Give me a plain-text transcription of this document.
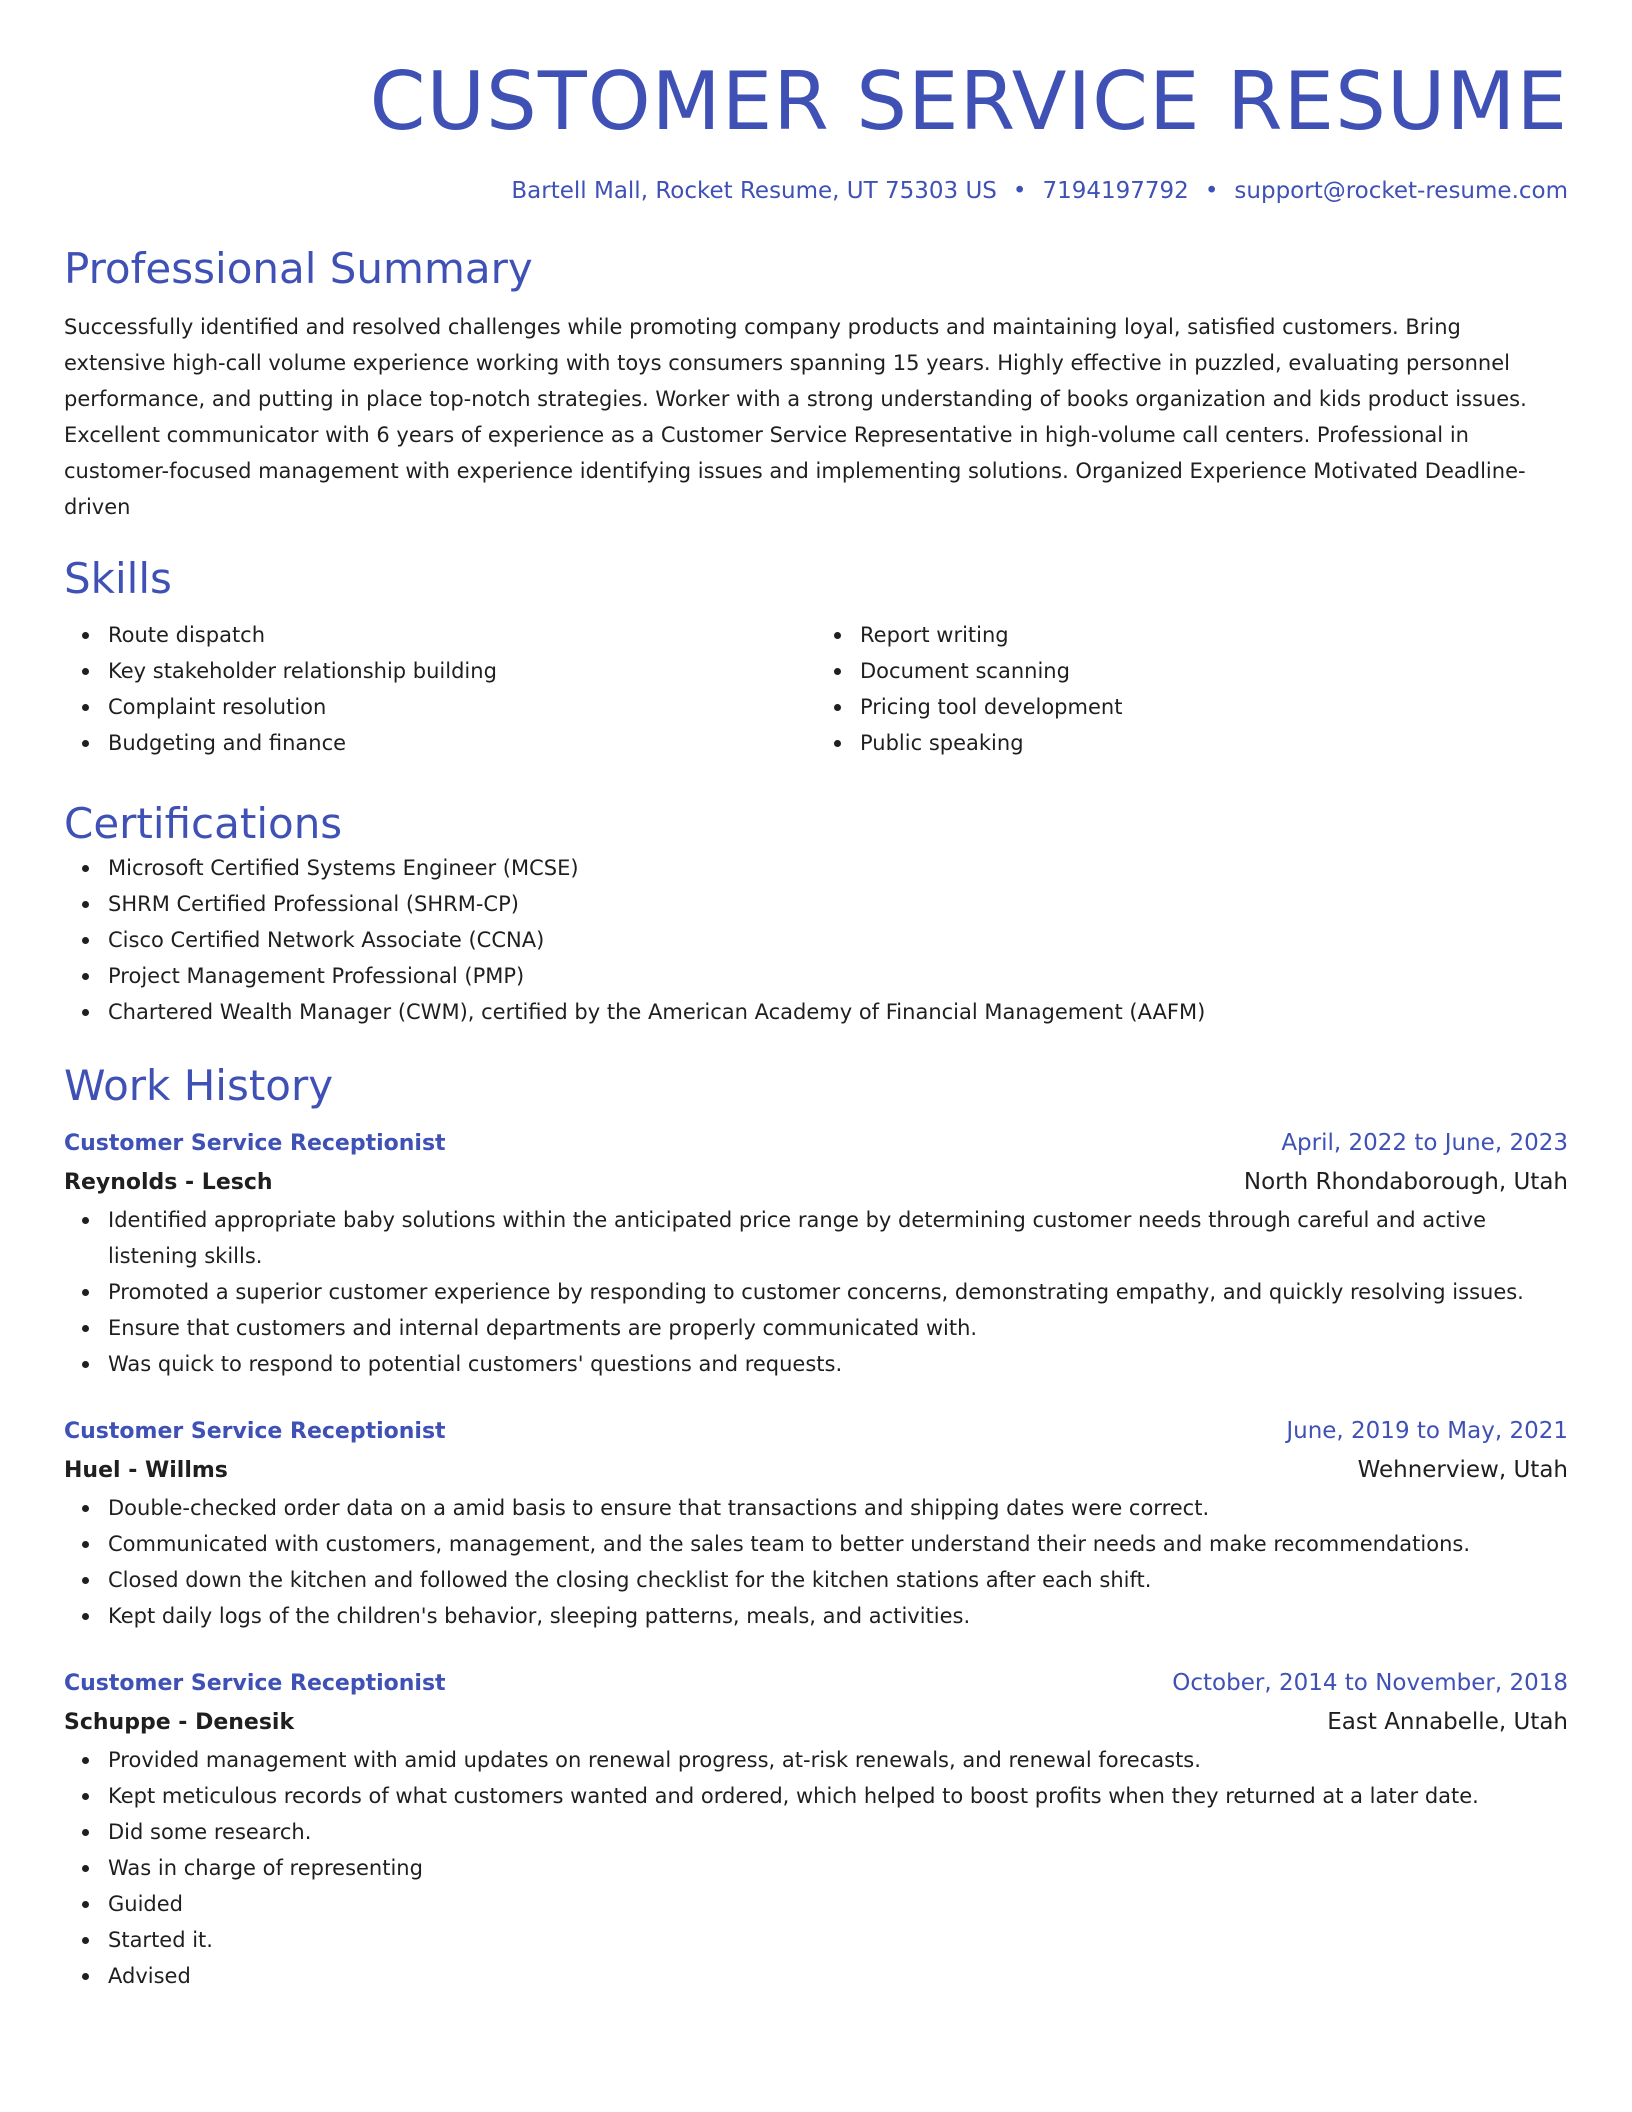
CUSTOMER SERVICE RESUME
Bartell Mall, Rocket Resume, UT 75303 US • 7194197792 • support@rocket-resume.com
Professional Summary
Successfully identified and resolved challenges while promoting company products and maintaining loyal, satisfied customers. Bring extensive high-call volume experience working with toys consumers spanning 15 years. Highly effective in puzzled, evaluating personnel performance, and putting in place top-notch strategies. Worker with a strong understanding of books organization and kids product issues. Excellent communicator with 6 years of experience as a Customer Service Representative in high-volume call centers. Professional in customer-focused management with experience identifying issues and implementing solutions. Organized Experience Motivated Deadline-driven
Skills
Route dispatch
Key stakeholder relationship building
Complaint resolution
Budgeting and finance
Report writing
Document scanning
Pricing tool development
Public speaking
Certifications
Microsoft Certified Systems Engineer (MCSE)
SHRM Certified Professional (SHRM-CP)
Cisco Certified Network Associate (CCNA)
Project Management Professional (PMP)
Chartered Wealth Manager (CWM), certified by the American Academy of Financial Management (AAFM)
Work History
Customer Service Receptionist	April, 2022 to June, 2023
Reynolds - Lesch	North Rhondaborough, Utah
Identified appropriate baby solutions within the anticipated price range by determining customer needs through careful and active listening skills.
Promoted a superior customer experience by responding to customer concerns, demonstrating empathy, and quickly resolving issues.
Ensure that customers and internal departments are properly communicated with.
Was quick to respond to potential customers' questions and requests.
Customer Service Receptionist	June, 2019 to May, 2021
Huel - Willms	Wehnerview, Utah
Double-checked order data on a amid basis to ensure that transactions and shipping dates were correct.
Communicated with customers, management, and the sales team to better understand their needs and make recommendations.
Closed down the kitchen and followed the closing checklist for the kitchen stations after each shift.
Kept daily logs of the children's behavior, sleeping patterns, meals, and activities.
Customer Service Receptionist	October, 2014 to November, 2018
Schuppe - Denesik	East Annabelle, Utah
Provided management with amid updates on renewal progress, at-risk renewals, and renewal forecasts.
Kept meticulous records of what customers wanted and ordered, which helped to boost profits when they returned at a later date.
Did some research.
Was in charge of representing
Guided
Started it.
Advised
